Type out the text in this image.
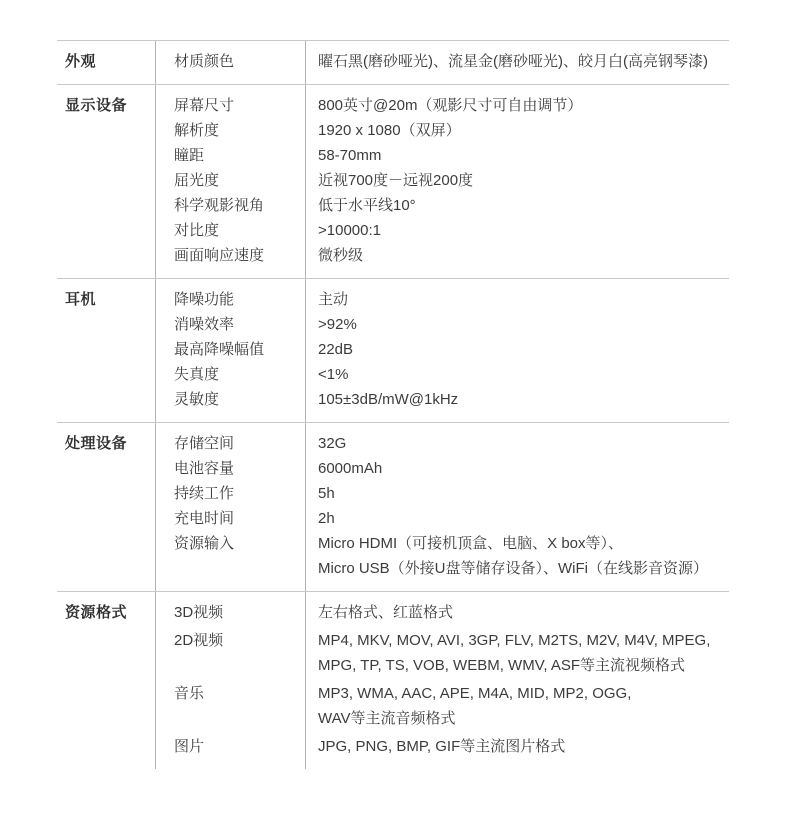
外观	材质颜色	曜石黑(磨砂哑光)、流星金(磨砂哑光)、皎月白(高亮钢琴漆)
显示设备	屏幕尺寸	800英寸@20m（观影尺寸可自由调节）
解析度	1920 x 1080（双屏）
瞳距	58-70mm
屈光度	近视700度－远视200度
科学观影视角	低于水平线10°
对比度	>10000:1
画面响应速度	微秒级
耳机	降噪功能	主动
消噪效率	>92%
最高降噪幅值	22dB
失真度	<1%
灵敏度	105±3dB/mW@1kHz
处理设备	存储空间	32G
电池容量	6000mAh
持续工作	5h
充电时间	2h
资源输入	Micro HDMI（可接机顶盒、电脑、X box等）、
Micro USB（外接U盘等储存设备）、WiFi（在线影音资源）
资源格式	3D视频	左右格式、红蓝格式
2D视频	MP4, MKV, MOV, AVI, 3GP, FLV, M2TS, M2V, M4V, MPEG,
MPG, TP, TS, VOB, WEBM, WMV, ASF等主流视频格式
音乐	MP3, WMA, AAC, APE, M4A, MID, MP2, OGG,
WAV等主流音频格式
图片	JPG, PNG, BMP, GIF等主流图片格式
